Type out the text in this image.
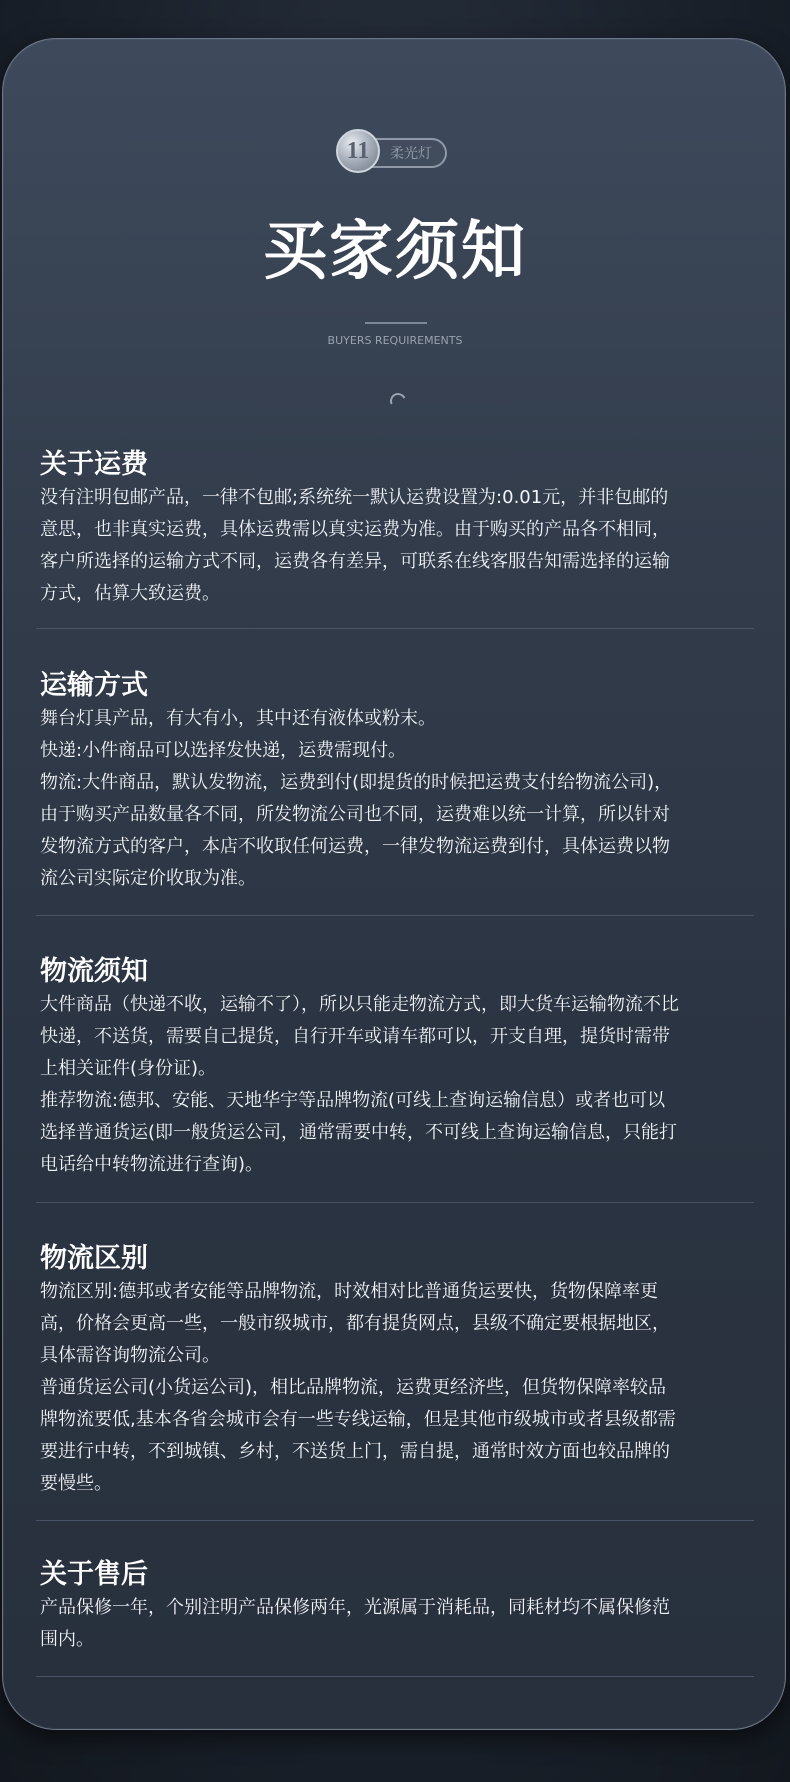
11	柔光灯
买家须知
BUYERS REQUIREMENTS
关于运费

没有注明包邮产品，一律不包邮;系统统一默认运费设置为:0.01元，并非包邮的

意思，也非真实运费，具体运费需以真实运费为准。由于购买的产品各不相同，

客户所选择的运输方式不同，运费各有差异，可联系在线客服告知需选择的运输

方式，估算大致运费。

运输方式

舞台灯具产品，有大有小，其中还有液体或粉末。

快递:小件商品可以选择发快递，运费需现付。

物流:大件商品，默认发物流，运费到付(即提货的时候把运费支付给物流公司)，

由于购买产品数量各不同，所发物流公司也不同，运费难以统一计算，所以针对

发物流方式的客户，本店不收取任何运费，一律发物流运费到付，具体运费以物

流公司实际定价收取为准。

物流须知

大件商品（快递不收，运输不了），所以只能走物流方式，即大货车运输物流不比

快递，不送货，需要自己提货，自行开车或请车都可以，开支自理，提货时需带

上相关证件(身份证)。

推荐物流:德邦、安能、天地华宇等品牌物流(可线上查询运输信息）或者也可以

选择普通货运(即一般货运公司，通常需要中转，不可线上查询运输信息，只能打

电话给中转物流进行查询)。

物流区别

物流区别:德邦或者安能等品牌物流，时效相对比普通货运要快，货物保障率更

高，价格会更高一些，一般市级城市，都有提货网点，县级不确定要根据地区，

具体需咨询物流公司。

普通货运公司(小货运公司)，相比品牌物流，运费更经济些，但货物保障率较品

牌物流要低,基本各省会城市会有一些专线运输，但是其他市级城市或者县级都需

要进行中转，不到城镇、乡村，不送货上门，需自提，通常时效方面也较品牌的

要慢些。

关于售后

产品保修一年，个别注明产品保修两年，光源属于消耗品，同耗材均不属保修范

围内。
